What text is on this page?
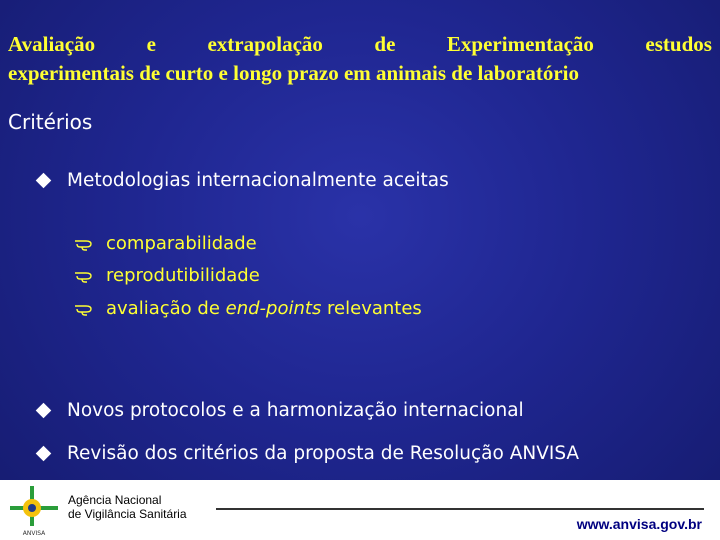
Avaliação e extrapolação de Experimentação estudos
experimentais de curto e longo prazo em animais de laboratório
Critérios
Metodologias internacionalmente aceitas
comparabilidade
reprodutibilidade
avaliação de end-points relevantes
Novos protocolos e a harmonização internacional
Revisão dos critérios da proposta de Resolução ANVISA
ANVISA
Agência Nacional
de Vigilância Sanitária
www.anvisa.gov.br
